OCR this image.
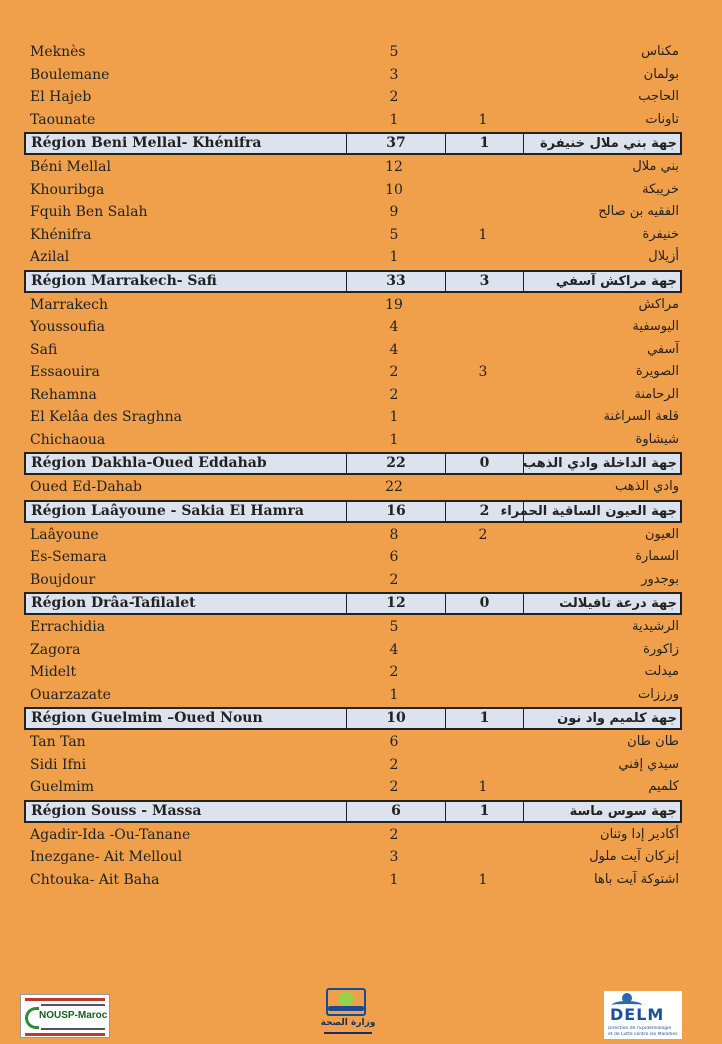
Meknès	5	مكناس
Boulemane	3	بولمان
El Hajeb	2	الحاجب
Taounate	1	1	تاونات
Région Beni Mellal- Khénifra	37	1	جهة بني ملال خنيفرة
Béni Mellal	12	بني ملال
Khouribga	10	خريبكة
Fquih Ben Salah	9	الفقيه بن صالح
Khénifra	5	1	خنيفرة
Azilal	1	أزيلال
Région Marrakech- Safi	33	3	جهة مراكش آسفي
Marrakech	19	مراكش
Youssoufia	4	اليوسفية
Safi	4	آسفي
Essaouira	2	3	الصويرة
Rehamna	2	الرحامنة
El Kelâa des Sraghna	1	قلعة السراغنة
Chichaoua	1	شيشاوة
Région Dakhla-Oued Eddahab	22	0	جهة الداخلة وادي الذهب
Oued Ed-Dahab	22	وادي الذهب
Région Laâyoune - Sakia El Hamra	16	2 جهة العيون الساقية الحمراء
Laâyoune	8	2	العيون
Es-Semara	6	السمارة
Boujdour	2	بوجدور
Région Drâa-Tafilalet	12	0	جهة درعة تافيلالت
Errachidia	5	الرشيدية
Zagora	4	زاكورة
Midelt	2	ميدلت
Ouarzazate	1	ورززات
Région Guelmim –Oued Noun	10	1	جهة كلميم واد نون
Tan Tan	6	طان طان
Sidi Ifni	2	سيدي إفني
Guelmim	2	1	كلميم
Région Souss - Massa	6	1	جهة سوس ماسة
Agadir-Ida -Ou-Tanane	2	أكادير إدا وتنان
Inezgane- Ait Melloul	3	إنزكان آيت ملول
Chtouka- Ait Baha	1	1	اشتوكة آيت باها
NOUSP-Maroc
وزارة الصحة	DELM
Direction de l'Epidémiologie
et de Lutte contre les Maladies
